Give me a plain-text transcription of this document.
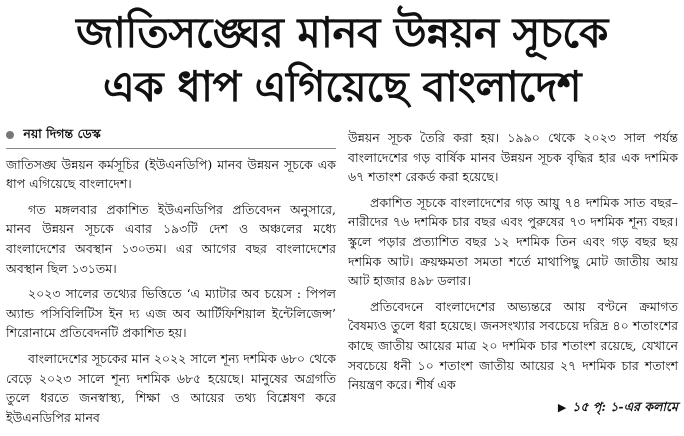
জাতিসঙ্ঘের মানব উন্নয়ন সূচকে
এক ধাপ এগিয়েছে বাংলাদেশ
নয়া দিগন্ত ডেস্ক

জাতিসঙ্ঘ উন্নয়ন কর্মসূচির (ইউএনডিপি) মানব উন্নয়ন সূচকে এক ধাপ এগিয়েছে বাংলাদেশ।

গত মঙ্গলবার প্রকাশিত ইউএনডিপির প্রতিবেদন অনুসারে, মানব উন্নয়ন সূচকে এবার ১৯৩টি দেশ ও অঞ্চলের মধ্যে বাংলাদেশের অবস্থান ১৩০তম। এর আগের বছর বাংলাদেশের অবস্থান ছিল ১৩১তম।

২০২৩ সালের তথ্যের ভিত্তিতে ‘এ ম্যাটার অব চয়েস : পিপল অ্যান্ড পসিবিলিটিস ইন দ্য এজ অব আর্টিফিশিয়াল ইন্টেলিজেন্স’ শিরোনামে প্রতিবেদনটি প্রকাশিত হয়।

বাংলাদেশের সূচকের মান ২০২২ সালে শূন্য দশমিক ৬৮০ থেকে বেড়ে ২০২৩ সালে শূন্য দশমিক ৬৮৫ হয়েছে। মানুষের অগ্রগতি তুলে ধরতে জনস্বাস্থ্য, শিক্ষা ও আয়ের তথ্য বিশ্লেষণ করে ইউএনডিপির মানব

উন্নয়ন সূচক তৈরি করা হয়। ১৯৯০ থেকে ২০২৩ সাল পর্যন্ত বাংলাদেশের গড় বার্ষিক মানব উন্নয়ন সূচক বৃদ্ধির হার এক দশমিক ৬৭ শতাংশ রেকর্ড করা হয়েছে।

প্রকাশিত সূচকে বাংলাদেশের গড় আয়ু ৭৪ দশমিক সাত বছর– নারীদের ৭৬ দশমিক চার বছর এবং পুরুষের ৭৩ দশমিক শূন্য বছর। স্কুলে পড়ার প্রত্যাশিত বছর ১২ দশমিক তিন এবং গড় বছর ছয় দশমিক আট। ক্রয়ক্ষমতা সমতা শর্তে মাথাপিছু মোট জাতীয় আয় আট হাজার ৪৯৮ ডলার।

প্রতিবেদনে বাংলাদেশের অভ্যন্তরে আয় বণ্টনে ক্রমাগত বৈষম্যও তুলে ধরা হয়েছে। জনসংখ্যার সবচেয়ে দরিদ্র ৪০ শতাংশের কাছে জাতীয় আয়ের মাত্র ২০ দশমিক চার শতাংশ রয়েছে, যেখানে সবচেয়ে ধনী ১০ শতাংশ জাতীয় আয়ের ২৭ দশমিক চার শতাংশ নিয়ন্ত্রণ করে। শীর্ষ এক

▶ ১৫ পৃ: ১-এর কলামে
